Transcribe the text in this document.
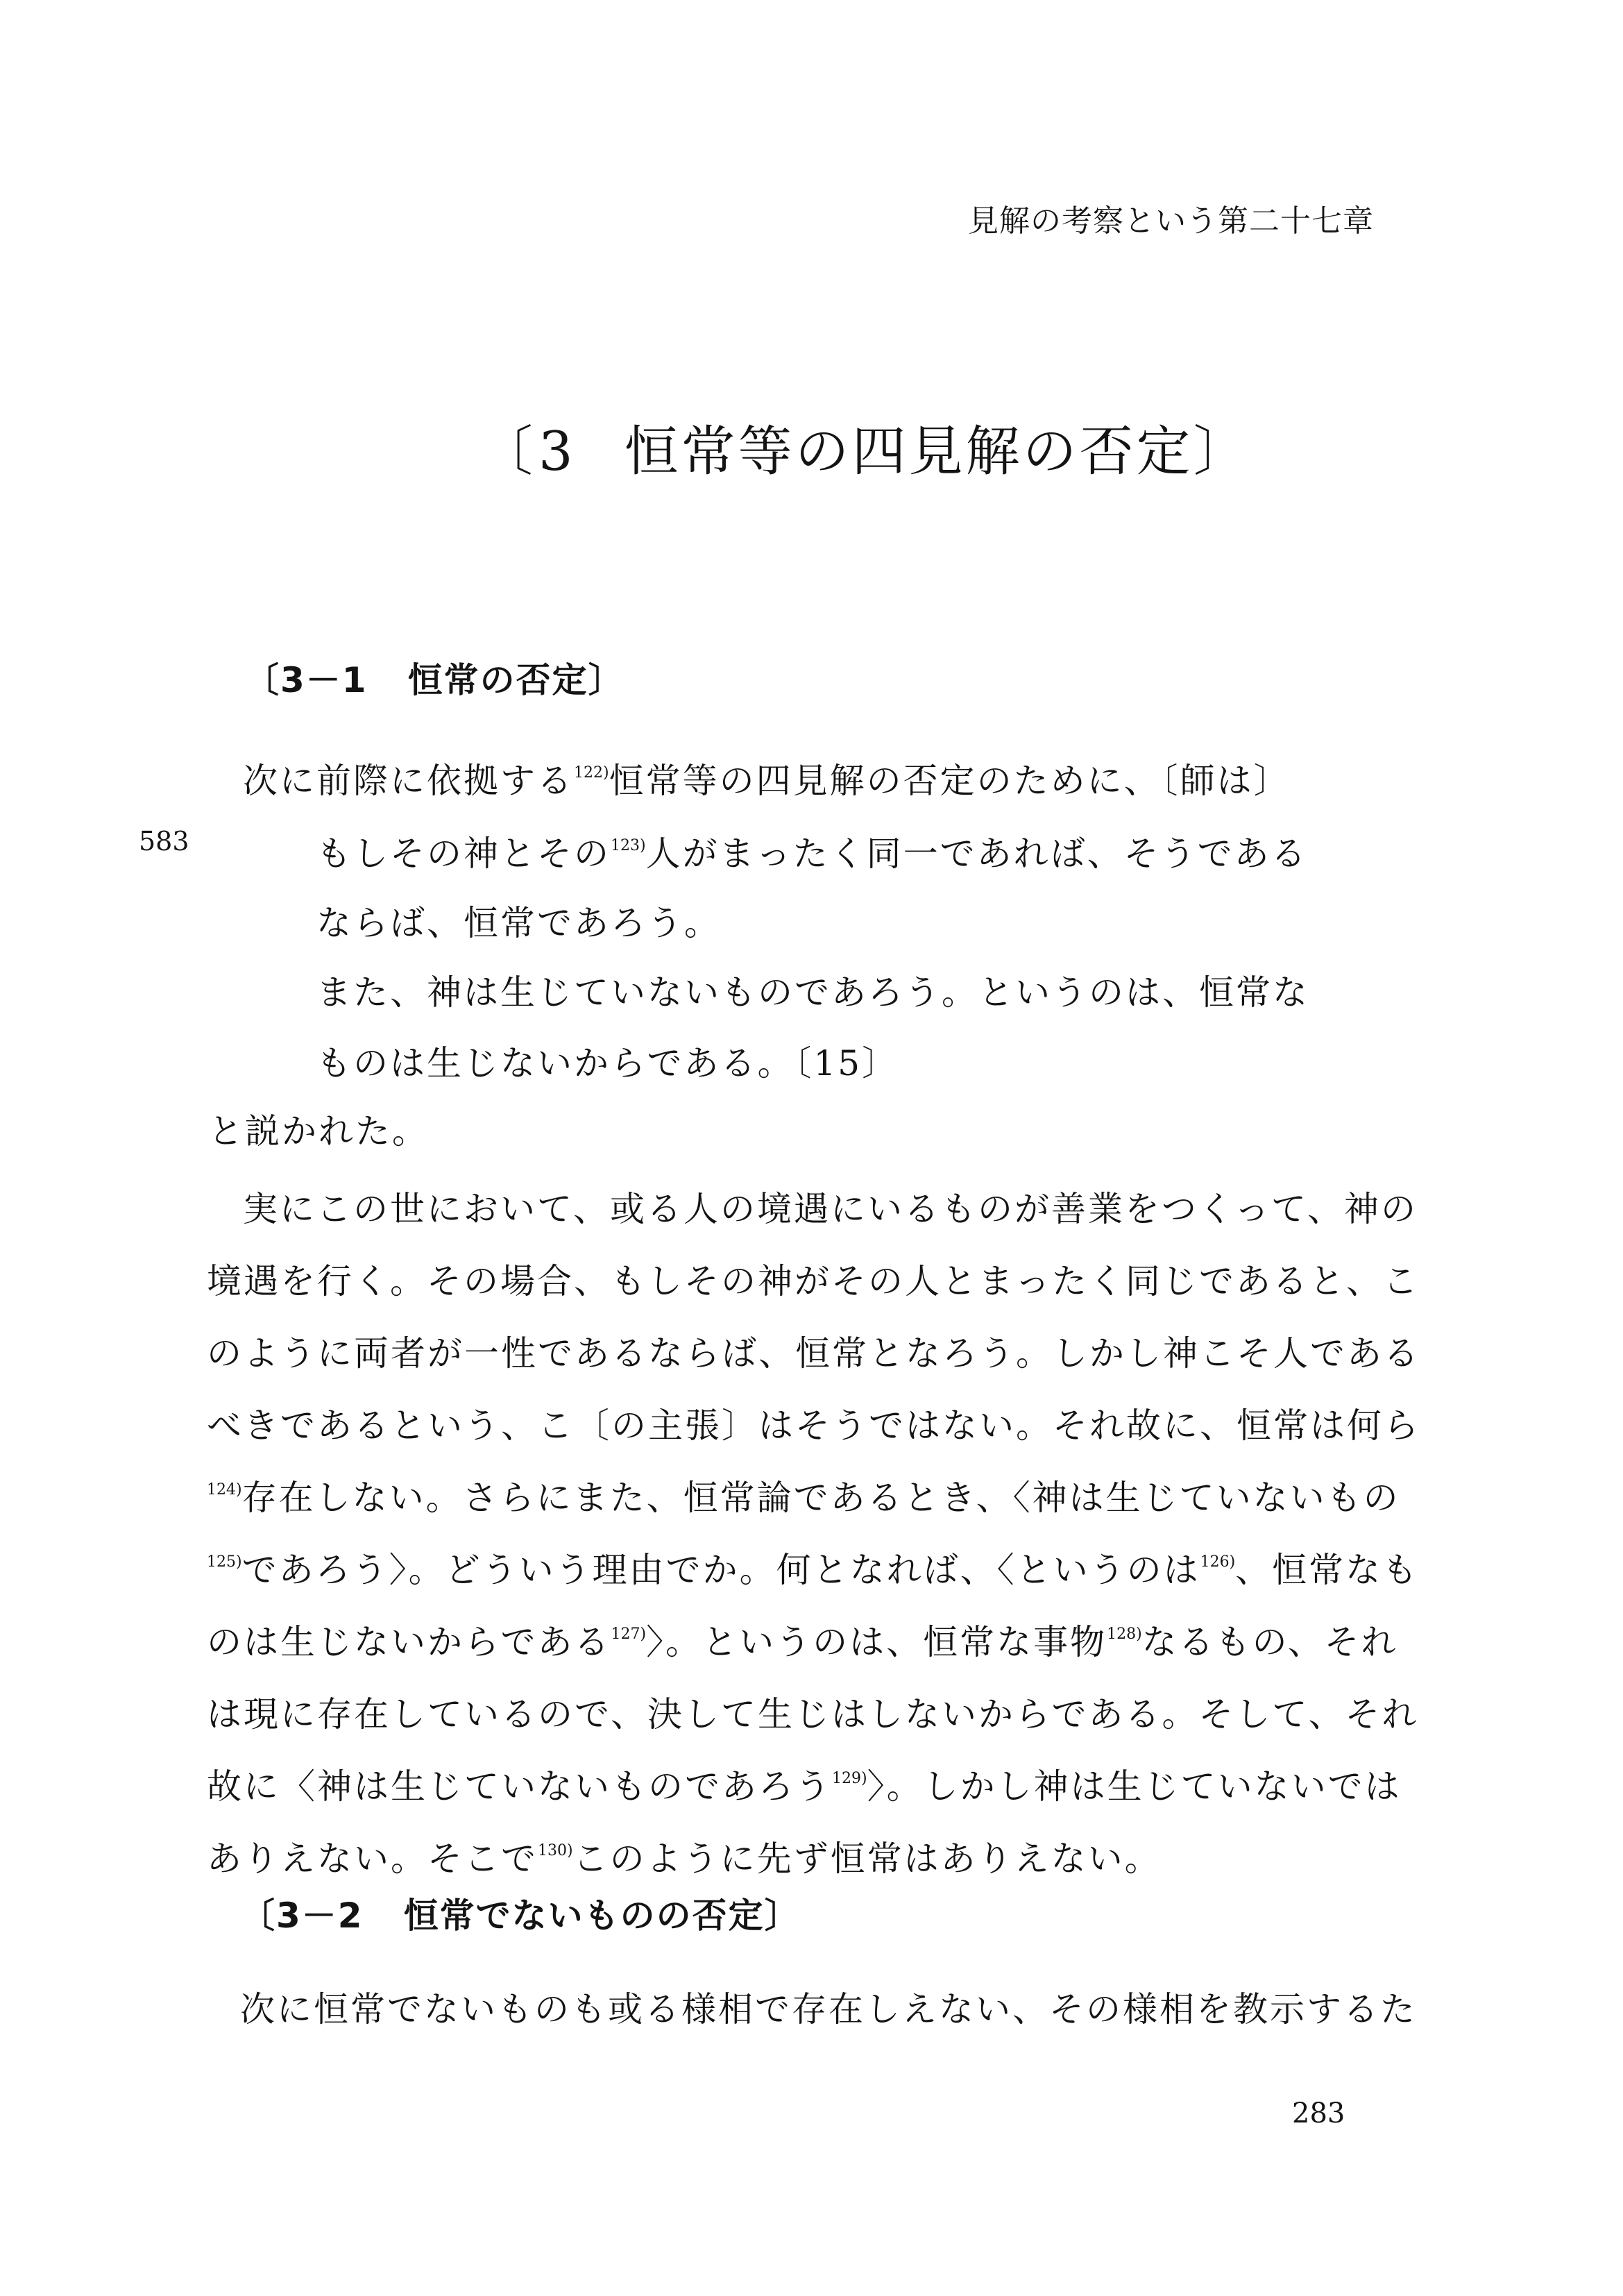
見解の考察という第二十七章
〔3 恒常等の四見解の否定〕
〔3－1 恒常の否定〕
次に前際に依拠する$^{122)}$恒常等の四見解の否定のために、〔師は〕
583	もしその神とその$^{123)}$人がまったく同一であれば、そうである
ならば、恒常であろう。
また、神は生じていないものであろう。というのは、恒常な
ものは生じないからである。〔15〕
と説かれた。
実にこの世において、或る人の境遇にいるものが善業をつくって、神の
境遇を行く。その場合、もしその神がその人とまったく同じであると、こ
のように両者が一性であるならば、恒常となろう。しかし神こそ人である
べきであるという、こ〔の主張〕はそうではない。それ故に、恒常は何ら
$^{124)}$存在しない。さらにまた、恒常論であるとき、〈神は生じていないもの
$^{125)}$であろう〉。どういう理由でか。何となれば、〈というのは$^{126)}$、恒常なも
のは生じないからである$^{127)}$〉。というのは、恒常な事物$^{128)}$なるもの、それ
は現に存在しているので、決して生じはしないからである。そして、それ
故に〈神は生じていないものであろう$^{129)}$〉。しかし神は生じていないでは
ありえない。そこで$^{130)}$このように先ず恒常はありえない。
〔3－2 恒常でないものの否定〕
次に恒常でないものも或る様相で存在しえない、その様相を教示するた
283
